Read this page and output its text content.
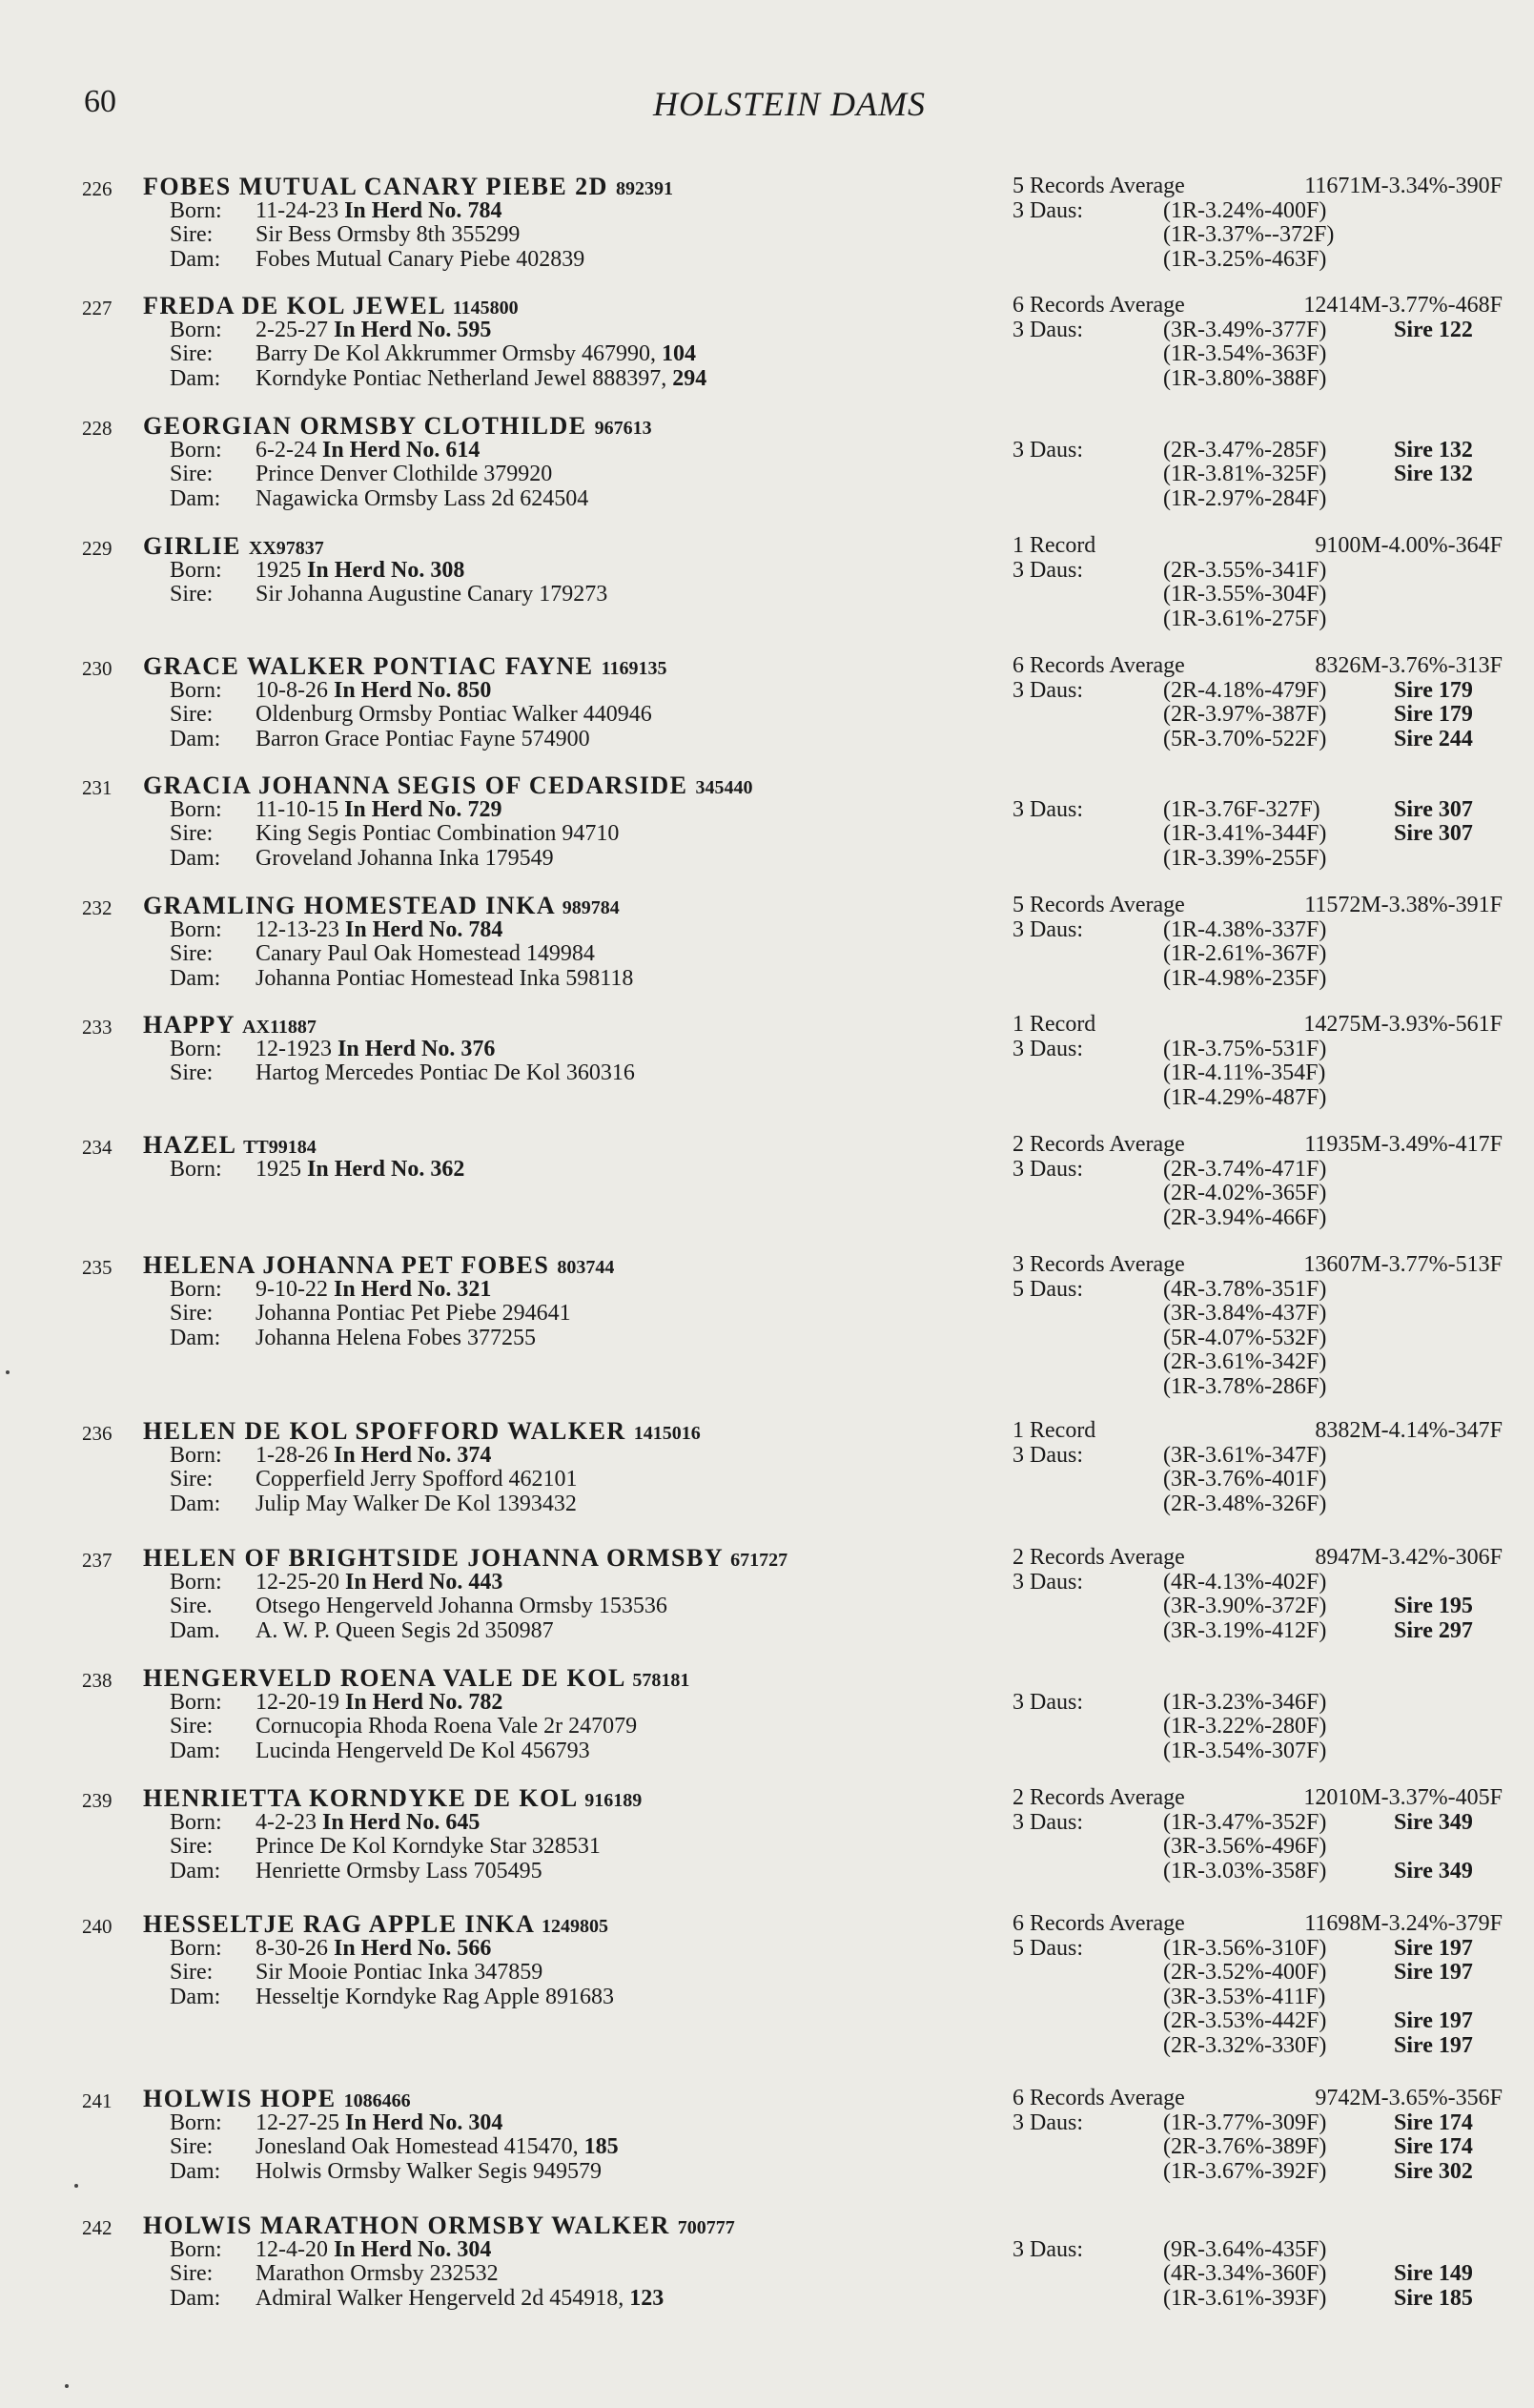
60	HOLSTEIN DAMS
226	FOBES MUTUAL CANARY PIEBE 2D 892391
Born: 11-24-23 In Herd No. 784
Sire: Sir Bess Ormsby 8th 355299
Dam: Fobes Mutual Canary Piebe 402839
5 Records Average	11671M-3.34%-390F
3 Daus:	(1R-3.24%-400F)
(1R-3.37%--372F)
(1R-3.25%-463F)
227	FREDA DE KOL JEWEL 1145800
Born: 2-25-27 In Herd No. 595
Sire: Barry De Kol Akkrummer Ormsby 467990, 104
Dam: Korndyke Pontiac Netherland Jewel 888397, 294
6 Records Average	12414M-3.77%-468F
3 Daus:	(3R-3.49%-377F)	Sire 122
(1R-3.54%-363F)
(1R-3.80%-388F)
228	GEORGIAN ORMSBY CLOTHILDE 967613
Born: 6-2-24 In Herd No. 614
Sire: Prince Denver Clothilde 379920
Dam: Nagawicka Ormsby Lass 2d 624504
3 Daus:	(2R-3.47%-285F)	Sire 132
(1R-3.81%-325F)	Sire 132
(1R-2.97%-284F)
229	GIRLIE XX97837
Born: 1925 In Herd No. 308
Sire: Sir Johanna Augustine Canary 179273
1 Record	9100M-4.00%-364F
3 Daus:	(2R-3.55%-341F)
(1R-3.55%-304F)
(1R-3.61%-275F)
230	GRACE WALKER PONTIAC FAYNE 1169135
Born: 10-8-26 In Herd No. 850
Sire: Oldenburg Ormsby Pontiac Walker 440946
Dam: Barron Grace Pontiac Fayne 574900
6 Records Average	8326M-3.76%-313F
3 Daus:	(2R-4.18%-479F)	Sire 179
(2R-3.97%-387F)	Sire 179
(5R-3.70%-522F)	Sire 244
231	GRACIA JOHANNA SEGIS OF CEDARSIDE 345440
Born: 11-10-15 In Herd No. 729
Sire: King Segis Pontiac Combination 94710
Dam: Groveland Johanna Inka 179549
3 Daus:	(1R-3.76F-327F)	Sire 307
(1R-3.41%-344F)	Sire 307
(1R-3.39%-255F)
232	GRAMLING HOMESTEAD INKA 989784
Born: 12-13-23 In Herd No. 784
Sire: Canary Paul Oak Homestead 149984
Dam: Johanna Pontiac Homestead Inka 598118
5 Records Average	11572M-3.38%-391F
3 Daus:	(1R-4.38%-337F)
(1R-2.61%-367F)
(1R-4.98%-235F)
233	HAPPY AX11887
Born: 12-1923 In Herd No. 376
Sire: Hartog Mercedes Pontiac De Kol 360316
1 Record	14275M-3.93%-561F
3 Daus:	(1R-3.75%-531F)
(1R-4.11%-354F)
(1R-4.29%-487F)
234	HAZEL TT99184
Born: 1925 In Herd No. 362
2 Records Average	11935M-3.49%-417F
3 Daus:	(2R-3.74%-471F)
(2R-4.02%-365F)
(2R-3.94%-466F)
235	HELENA JOHANNA PET FOBES 803744
Born: 9-10-22 In Herd No. 321
Sire: Johanna Pontiac Pet Piebe 294641
Dam: Johanna Helena Fobes 377255
3 Records Average	13607M-3.77%-513F
5 Daus:	(4R-3.78%-351F)
(3R-3.84%-437F)
(5R-4.07%-532F)
(2R-3.61%-342F)
(1R-3.78%-286F)
236	HELEN DE KOL SPOFFORD WALKER 1415016
Born: 1-28-26 In Herd No. 374
Sire: Copperfield Jerry Spofford 462101
Dam: Julip May Walker De Kol 1393432
1 Record	8382M-4.14%-347F
3 Daus:	(3R-3.61%-347F)
(3R-3.76%-401F)
(2R-3.48%-326F)
237	HELEN OF BRIGHTSIDE JOHANNA ORMSBY 671727
Born: 12-25-20 In Herd No. 443
Sire. Otsego Hengerveld Johanna Ormsby 153536
Dam. A. W. P. Queen Segis 2d 350987
2 Records Average	8947M-3.42%-306F
3 Daus:	(4R-4.13%-402F)
(3R-3.90%-372F)	Sire 195
(3R-3.19%-412F)	Sire 297
238	HENGERVELD ROENA VALE DE KOL 578181
Born: 12-20-19 In Herd No. 782
Sire: Cornucopia Rhoda Roena Vale 2r 247079
Dam: Lucinda Hengerveld De Kol 456793
3 Daus:	(1R-3.23%-346F)
(1R-3.22%-280F)
(1R-3.54%-307F)
239	HENRIETTA KORNDYKE DE KOL 916189
Born: 4-2-23 In Herd No. 645
Sire: Prince De Kol Korndyke Star 328531
Dam: Henriette Ormsby Lass 705495
2 Records Average	12010M-3.37%-405F
3 Daus:	(1R-3.47%-352F)	Sire 349
(3R-3.56%-496F)
(1R-3.03%-358F)	Sire 349
240	HESSELTJE RAG APPLE INKA 1249805
Born: 8-30-26 In Herd No. 566
Sire: Sir Mooie Pontiac Inka 347859
Dam: Hesseltje Korndyke Rag Apple 891683
6 Records Average	11698M-3.24%-379F
5 Daus:	(1R-3.56%-310F)	Sire 197
(2R-3.52%-400F)	Sire 197
(3R-3.53%-411F)
(2R-3.53%-442F)	Sire 197
(2R-3.32%-330F)	Sire 197
241	HOLWIS HOPE 1086466
Born: 12-27-25 In Herd No. 304
Sire: Jonesland Oak Homestead 415470, 185
Dam: Holwis Ormsby Walker Segis 949579
6 Records Average	9742M-3.65%-356F
3 Daus:	(1R-3.77%-309F)	Sire 174
(2R-3.76%-389F)	Sire 174
(1R-3.67%-392F)	Sire 302
242	HOLWIS MARATHON ORMSBY WALKER 700777
Born: 12-4-20 In Herd No. 304
Sire: Marathon Ormsby 232532
Dam: Admiral Walker Hengerveld 2d 454918, 123
3 Daus:	(9R-3.64%-435F)
(4R-3.34%-360F)	Sire 149
(1R-3.61%-393F)	Sire 185
